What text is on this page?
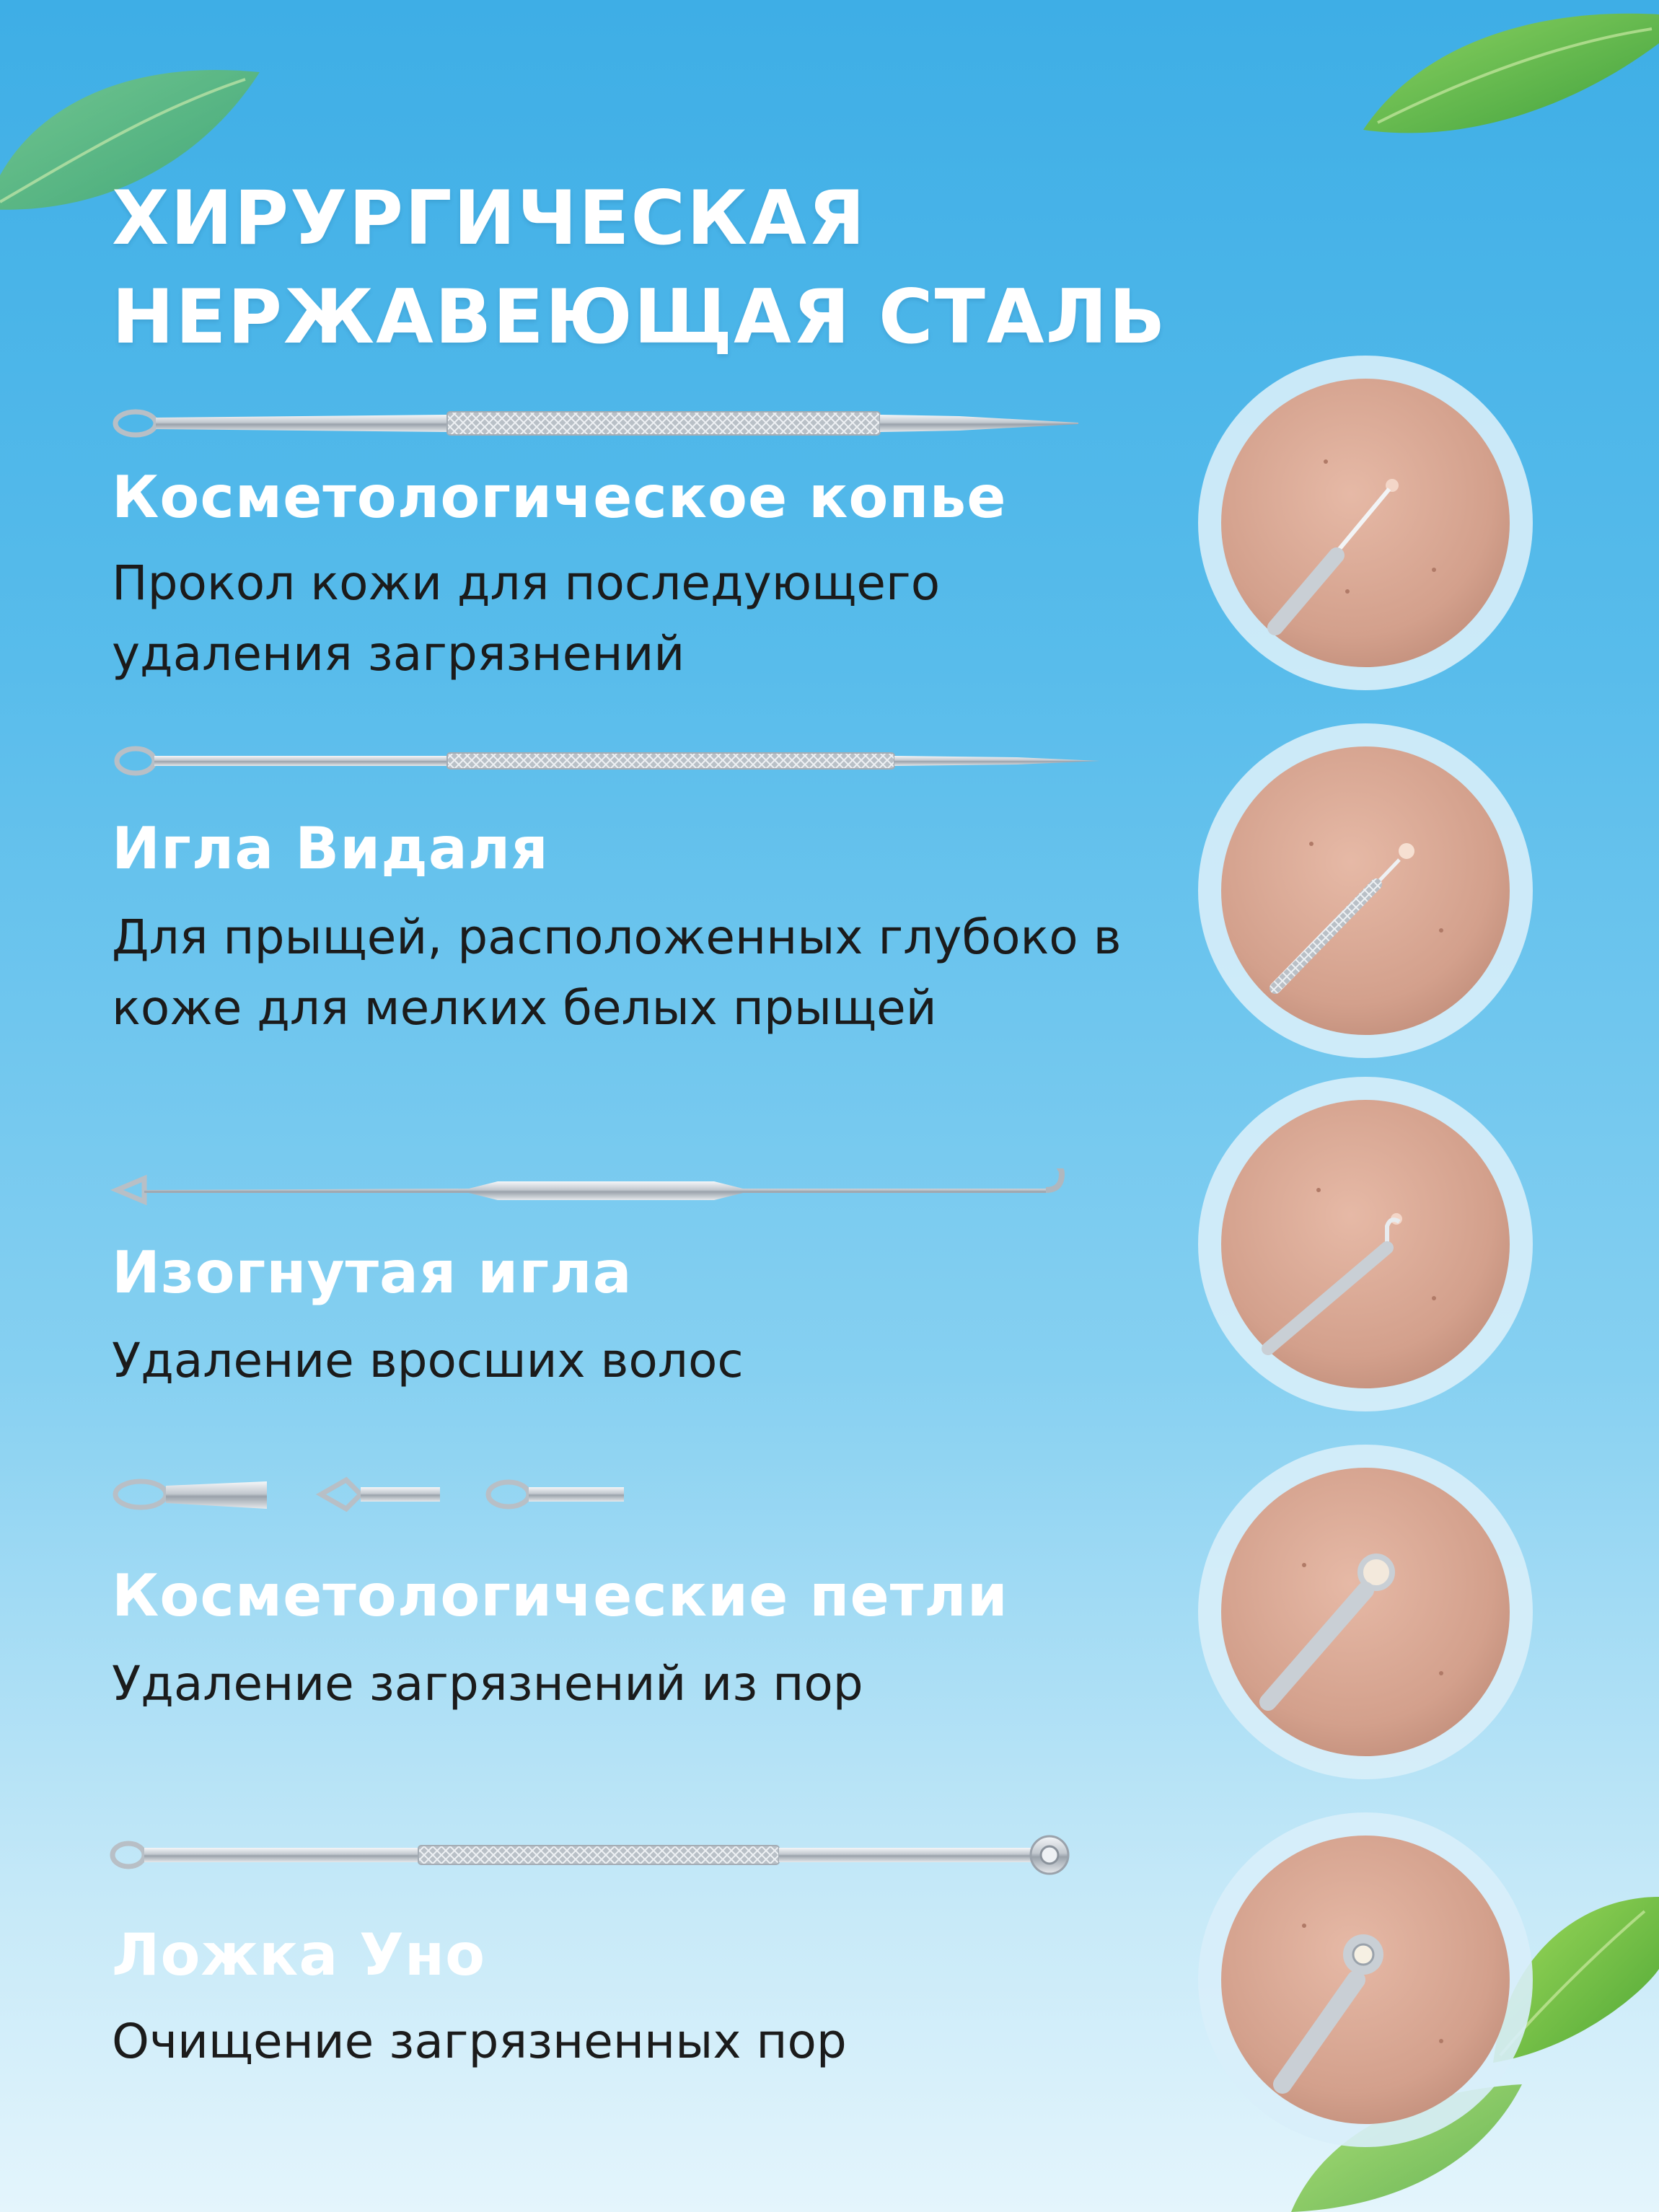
ХИРУРГИЧЕСКАЯ НЕРЖАВЕЮЩАЯ СТАЛЬ
Косметологическое копье

Прокол кожи для последующего удаления загрязнений

Игла Видаля

Для прыщей, расположенных глубоко в коже для мелких белых прыщей

Изогнутая игла

Удаление вросших волос

Косметологические петли

Удаление загрязнений из пор

Ложка Уно

Очищение загрязненных пор
